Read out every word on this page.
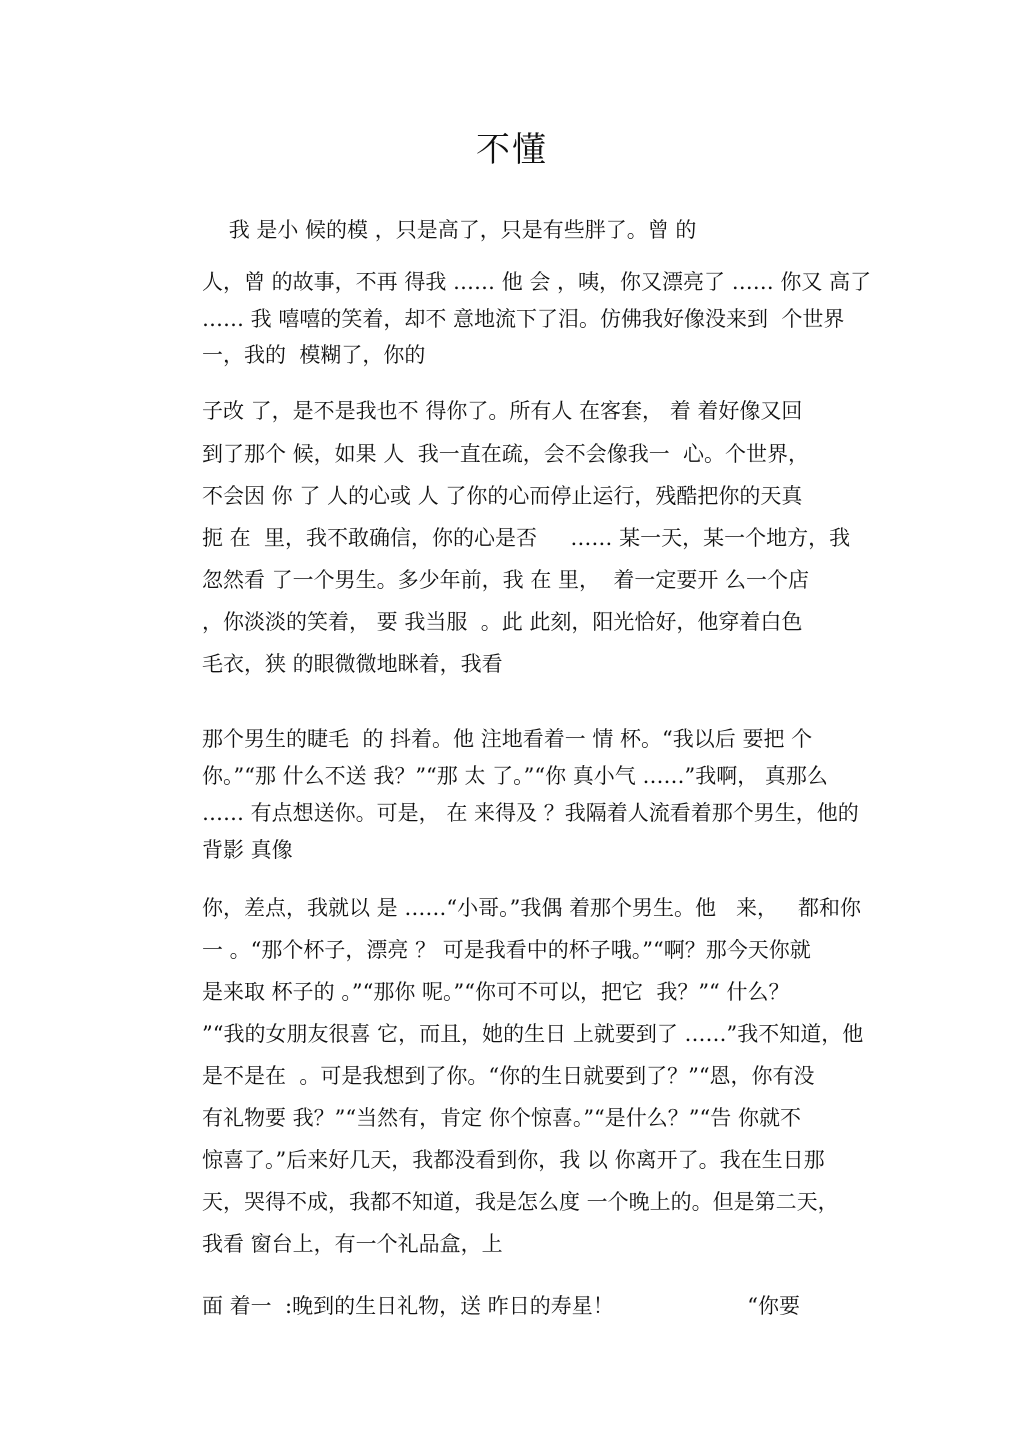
不懂

我 是小 候的模 ，只是高了，只是有些胖了。曾 的

人，曾 的故事，不再 得我 …… 他 会 ，咦，你又漂亮了 …… 你又 高了

…… 我 嘻嘻的笑着，却不 意地流下了泪。仿佛我好像没来到  个世界

一，我的  模糊了，你的

子改 了，是不是我也不 得你了。所有人 在客套， 着 着好像又回

到了那个 候，如果 人  我一直在疏，会不会像我一  心。个世界，

不会因 你 了 人的心或 人 了你的心而停止运行，残酷把你的天真

扼 在  里，我不敢确信，你的心是否     …… 某一天，某一个地方，我

忽然看 了一个男生。多少年前，我 在 里，  着一定要开 么一个店

，你淡淡的笑着， 要 我当服  。此 此刻，阳光恰好，他穿着白色

毛衣，狭 的眼微微地眯着，我看

那个男生的睫毛  的 抖着。他 注地看着一 情 杯。“我以后 要把 个

你。”“那 什么不送 我？”“那 太 了。”“你 真小气 ……”我啊， 真那么

…… 有点想送你。可是， 在 来得及 ？我隔着人流看着那个男生，他的

背影 真像

你，差点，我就以 是 ……“小哥。”我偶 着那个男生。他   来，   都和你

一 。“那个杯子，漂亮 ？ 可是我看中的杯子哦。”“啊？那今天你就

是来取 杯子的 。”“那你 呢。”“你可不可以，把它  我？”“ 什么？

”“我的女朋友很喜 它，而且，她的生日 上就要到了 ……”我不知道，他

是不是在  。可是我想到了你。“你的生日就要到了？”“恩，你有没

有礼物要 我？”“当然有，肯定 你个惊喜。”“是什么？”“告 你就不

惊喜了。”后来好几天，我都没看到你，我 以 你离开了。我在生日那

天，哭得不成，我都不知道，我是怎么度 一个晚上的。但是第二天，

我看 窗台上，有一个礼品盒，上

面 着一  :晚到的生日礼物，送 昨日的寿星！                    “你要
